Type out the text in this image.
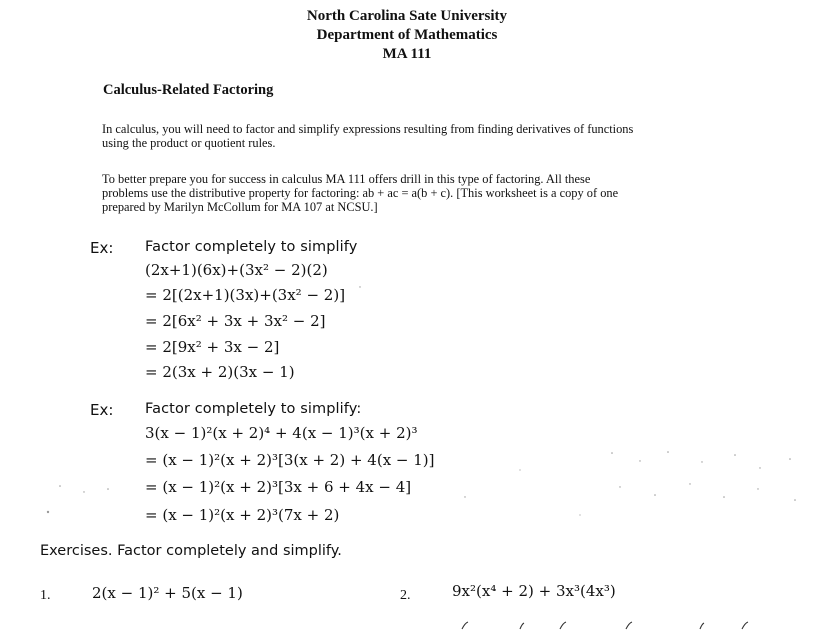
North Carolina Sate University
Department of Mathematics
MA 111
Calculus-Related Factoring
In calculus, you will need to factor and simplify expressions resulting from finding derivatives of functions
using the product or quotient rules.
To better prepare you for success in calculus MA 111 offers drill in this type of factoring. All these
problems use the distributive property for factoring: ab + ac = a(b + c). [This worksheet is a copy of one
prepared by Marilyn McCollum for MA 107 at NCSU.]
Ex: Factor completely to simplify
(2x+1)(6x)+(3x² − 2)(2)
= 2[(2x+1)(3x)+(3x² − 2)]
= 2[6x² + 3x + 3x² − 2]
= 2[9x² + 3x − 2]
= 2(3x + 2)(3x − 1)
Ex: Factor completely to simplify:
3(x − 1)²(x + 2)⁴ + 4(x − 1)³(x + 2)³
= (x − 1)²(x + 2)³[3(x + 2) + 4(x − 1)]
= (x − 1)²(x + 2)³[3x + 6 + 4x − 4]
= (x − 1)²(x + 2)³(7x + 2)
Exercises. Factor completely and simplify.
1.	2(x − 1)² + 5(x − 1)	2.	9x²(x⁴ + 2) + 3x³(4x³)
